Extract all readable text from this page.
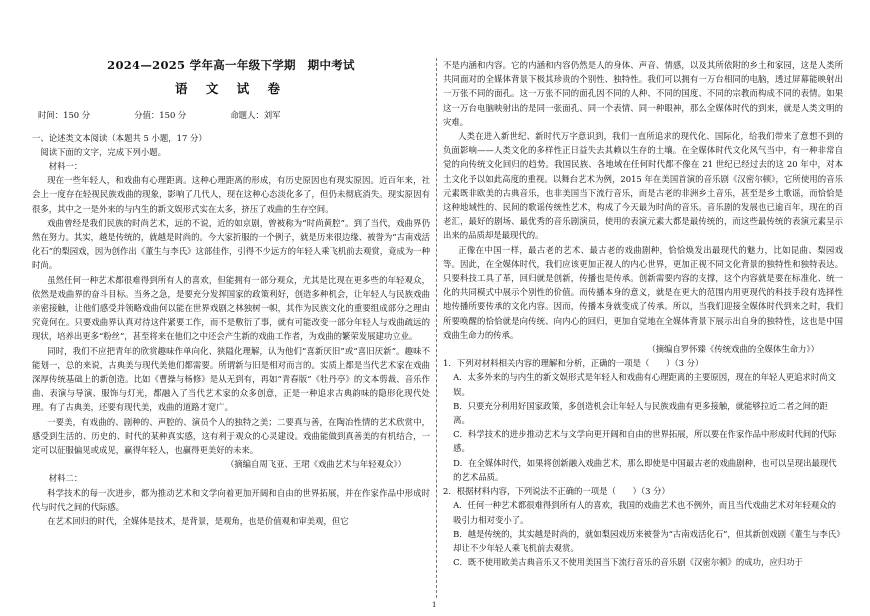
2024—2025 学年高一年级下学期　期中考试

语 文 试 卷

时间：150 分	分值：150 分	命题人：刘军

一、论述类文本阅读（本题共 5 小题，17 分）

阅读下面的文字，完成下列小题。

材料一：

现在一些年轻人，和戏曲有心理距离。这种心理距离的形成，有历史原因也有现实原因。近百年来，社会上一度存在轻视民族戏曲的现象，影响了几代人，现在这种心态淡化多了，但仍未彻底消失。现实原因有很多，其中之一是外来的与内生的新文娱形式实在太多，挤压了戏曲的生存空间。

戏曲曾经是我们民族的时尚艺术，远的不说，近的如京剧，曾被称为“时尚黄腔”。到了当代，戏曲界仍然在努力。其实，越是传统的，就越是时尚的。今大家折服的一个例子，就是历来很边缘、被誉为“古南戏活化石”的梨园戏，因为创作出《董生与李氏》这部佳作，引得不少远方的年轻人乘飞机前去观赏，竟成为一种时尚。

虽然任何一种艺术都很难得到所有人的喜欢，但能拥有一部分观众，尤其是比现在更多些的年轻观众，依然是戏曲界的奋斗目标。当务之急，是要充分发挥国家的政策利好，创造多种机会，让年轻人与民族戏曲亲密接触，让他们感受并领略戏曲何以能在世界戏剧之林独树一帜，其作为民族文化的重要组成部分之理由究竟何在。只要戏曲界认真对待这件紧要工作，而不是敷衍了事，就有可能改变一部分年轻人与戏曲疏远的现状，培养出更多“粉丝”，甚至将来在他们之中还会产生新的戏曲工作者，为戏曲的繁荣发展建功立业。

同时，我们不应把青年的欣赏趣味作单向化、狭隘化理解，认为他们“喜新厌旧”或“喜旧厌新”。趣味不能划一，总的来说，古典美与现代美他们都需要。所谓新与旧是相对而言的。实质上都是当代艺术家在戏曲深厚传统基础上的新创造。比如《曹操与杨修》是从无到有，再如“青春版”《牡丹亭》的文本剪裁、音乐作曲、表演与导演、服饰与灯光，都融入了当代艺术家的众多创意，正是一种追求古典韵味的隐形化现代处理。有了古典美，还要有现代美，戏曲的道路才宽广。

一要美，有戏曲的、剧种的、声腔的、演员个人的独特之美；二要真与善，在陶冶性情的艺术欣赏中，感受到生活的、历史的、时代的某种真实感，这有利于观众的心灵建设。戏曲能做到真善美的有机结合，一定可以征服偏见或成见，赢得年轻人，也赢得更美好的未来。

（摘编自周飞亚、王珺《戏曲艺术与年轻观众》）

材料二：

科学技术的每一次进步，都为推动艺术和文学向着更加开阔和自由的世界拓展，并在作家作品中形成时代与时代之间的代际感。

在艺术回归的时代，全媒体是技术，是背景，是观角，也是价值观和审美观，但它

不是内涵和内容。它的内涵和内容仍然是人的身体、声音、情感，以及其所依附的乡土和家园，这是人类所共同面对的全媒体背景下极其珍贵的个别性、独特性。我们可以拥有一万台相同的电脑，透过屏幕能映射出一万张不同的面孔。这一万张不同的面孔因不同的人种、不同的国度、不同的宗教而构成不同的表情。如果这一万台电脑映射出的是同一张面孔、同一个表情、同一种眼神，那么全媒体时代的到来，就是人类文明的灾难。

人类在进入新世纪、新时代万字意识到，我们一直所追求的现代化、国际化，给我们带来了意想不到的负面影响——人类文化的多样性正日益失去其赖以生存的土壤。在全媒体时代文化风气当中，有一种非常自觉的向传统文化回归的趋势。我国民族、各地域在任何时代都不像在 21 世纪已经过去的这 20 年中，对本土文化予以如此高度的重视。以舞台艺术为例，2015 年在美国首演的音乐剧《汉密尔顿》，它所使用的音乐元素既非欧美的古典音乐，也非美国当下流行音乐，而是古老的非洲乡土音乐，甚至是乡土歌谣，而恰恰是这种地域性的、民间的歌谣传统性艺术，构成了今天最为时尚的音乐。音乐剧的发展也已逾百年，现在的百老汇，最好的剧场、最优秀的音乐剧演员，使用的表演元素大都是最传统的，而这些最传统的表演元素呈示出来的品质却是最现代的。

正像在中国一样，最古老的艺术、最古老的戏曲剧种，恰恰焕发出最现代的魅力，比如昆曲、梨园戏等。因此，在全媒体时代，我们应该更加正视人的内心世界，更加正视不同文化背景的独特性和独特表达。只要科技工具了革，回归就是创新，传播也是传承。创新需要内容的支撑，这个内容就是要在标准化、统一化的共同模式中展示个别性的价值。而传播本身的意义，就是在更大的范围内用更现代的科技手段有选择性地传播所要传承的文化内容。因而，传播本身就变成了传承。所以，当我们迎接全媒体时代到来之时，我们所要唤醒的恰恰就是向传统、向内心的回归，更加自觉地在全媒体背景下展示出自身的独特性，这也是中国戏曲生命力的传承。

（摘编自罗怀臻《传统戏曲的全媒体生命力》）

1．下列对材料相关内容的理解和分析，正确的一项是（　　）（3 分）

A．太多外来的与内生的新文娱形式是年轻人和戏曲有心理距离的主要原因，现在的年轻人更追求时尚文娱。

B．只要充分利用好国家政策，多创造机会让年轻人与民族戏曲有更多接触，就能够拉近二者之间的距离。

C．科学技术的进步推动艺术与文学向更开阔和自由的世界拓展，所以要在作家作品中形成时代间的代际感。

D．在全媒体时代，如果将创新融入戏曲艺术，那么即使是中国最古老的戏曲剧种，也可以呈现出最现代的艺术品质。

2．根据材料内容，下列说法不正确的一项是（　　）（3 分）

A．任何一种艺术都很难得到所有人的喜欢，我国的戏曲艺术也不例外，而且当代戏曲艺术对年轻观众的吸引力相对变小了。

B．越是传统的，其实越是时尚的，就如梨园戏历来被誉为“古南戏活化石”，但其新创戏剧《董生与李氏》却让不少年轻人乘飞机前去观赏。

C．既不使用欧美古典音乐又不使用美国当下流行音乐的音乐剧《汉密尔顿》的成功，应归功于

1
